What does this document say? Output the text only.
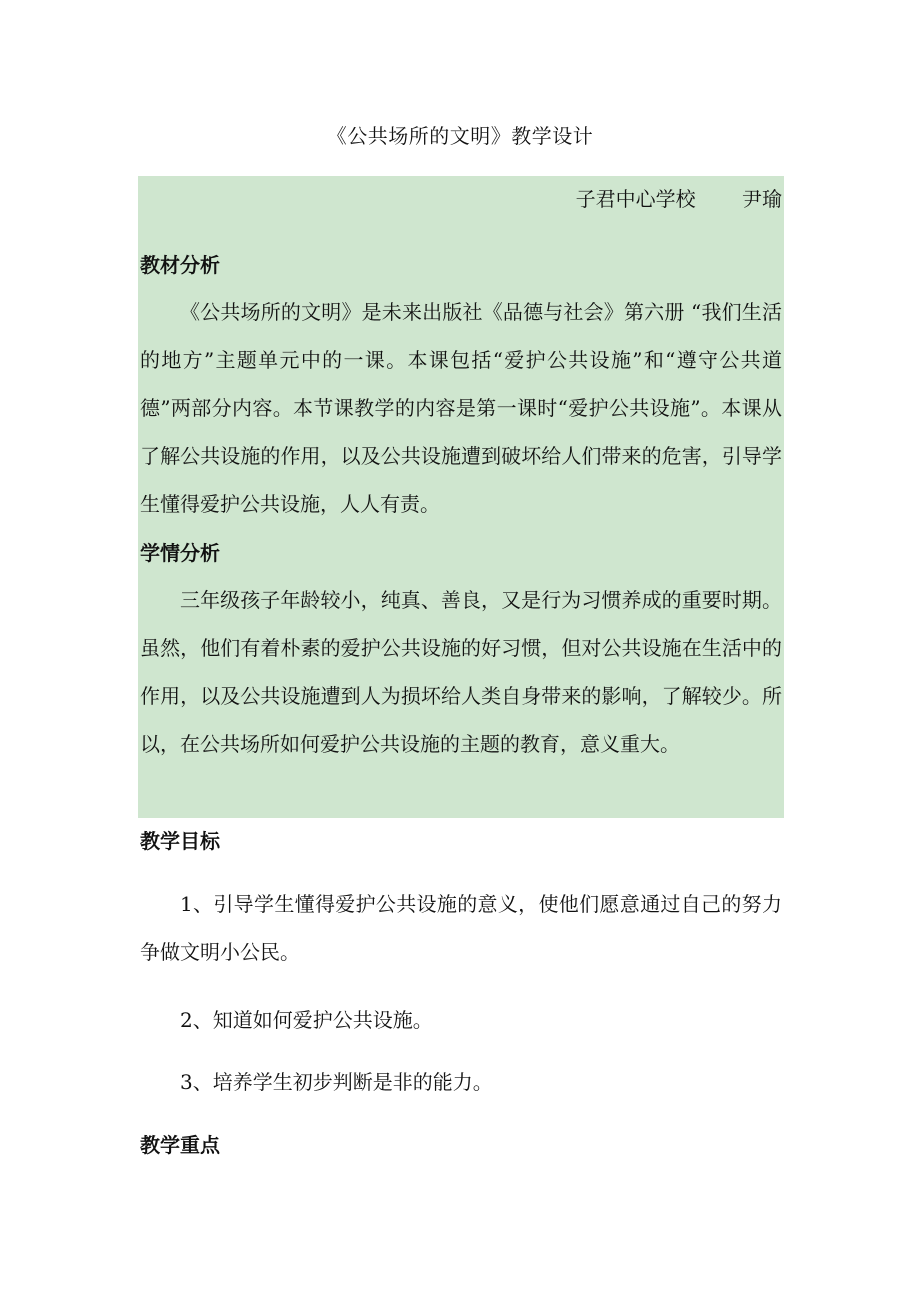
《公共场所的文明》教学设计
子君中心学校　　 尹瑜
教材分析
《公共场所的文明》是未来出版社《品德与社会》第六册 “我们生活的地方”主题单元中的一课。本课包括“爱护公共设施”和“遵守公共道德”两部分内容。本节课教学的内容是第一课时“爱护公共设施”。本课从了解公共设施的作用，以及公共设施遭到破坏给人们带来的危害，引导学生懂得爱护公共设施，人人有责。
学情分析
三年级孩子年龄较小，纯真、善良，又是行为习惯养成的重要时期。虽然，他们有着朴素的爱护公共设施的好习惯，但对公共设施在生活中的作用，以及公共设施遭到人为损坏给人类自身带来的影响，了解较少。所以，在公共场所如何爱护公共设施的主题的教育，意义重大。
教学目标
1、引导学生懂得爱护公共设施的意义，使他们愿意通过自己的努力争做文明小公民。
2、知道如何爱护公共设施。
3、培养学生初步判断是非的能力。
教学重点
